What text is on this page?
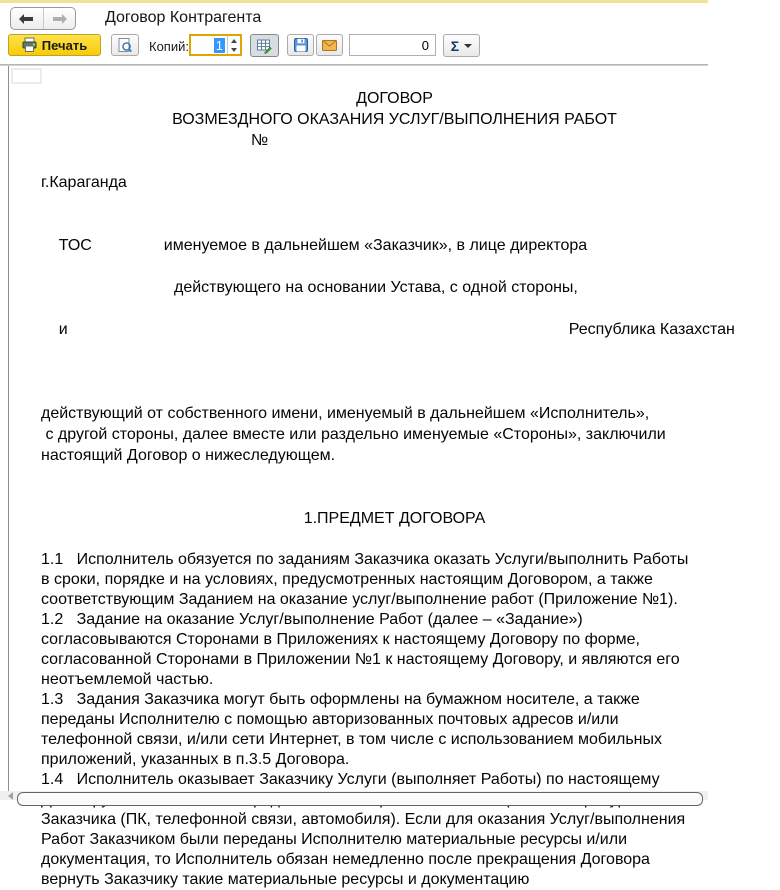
Договор Контрагента
Печать	Копий: 1	0	Σ
ДОГОВОР
ВОЗМЕЗДНОГО ОКАЗАНИЯ УСЛУГ/ВЫПОЛНЕНИЯ РАБОТ
№
г.Караганда

ТОС	именуемое в дальнейшем «Заказчик», в лице директора

действующего на основании Устава, с одной стороны,

и	Республика Казахстан

действующий от собственного имени, именуемый в дальнейшем «Исполнитель»,
с другой стороны, далее вместе или раздельно именуемые «Стороны», заключили
настоящий Договор о нижеследующем.
1.ПРЕДМЕТ ДОГОВОРА
1.1   Исполнитель обязуется по заданиям Заказчика оказать Услуги/выполнить Работы
в сроки, порядке и на условиях, предусмотренных настоящим Договором, а также
соответствующим Заданием на оказание услуг/выполнение работ (Приложение №1).
1.2   Задание на оказание Услуг/выполнение Работ (далее – «Задание»)
согласовываются Сторонами в Приложениях к настоящему Договору по форме,
согласованной Сторонами в Приложении №1 к настоящему Договору, и являются его
неотъемлемой частью.
1.3   Задания Заказчика могут быть оформлены на бумажном носителе, а также
переданы Исполнителю с помощью авторизованных почтовых адресов и/или
телефонной связи, и/или сети Интернет, в том числе с использованием мобильных
приложений, указанных в п.3.5 Договора.
1.4   Исполнитель оказывает Заказчику Услуги (выполняет Работы) по настоящему
Заказчика (ПК, телефонной связи, автомобиля). Если для оказания Услуг/выполнения
Работ Заказчиком были переданы Исполнителю материальные ресурсы и/или
документация, то Исполнитель обязан немедленно после прекращения Договора
вернуть Заказчику такие материальные ресурсы и документацию
